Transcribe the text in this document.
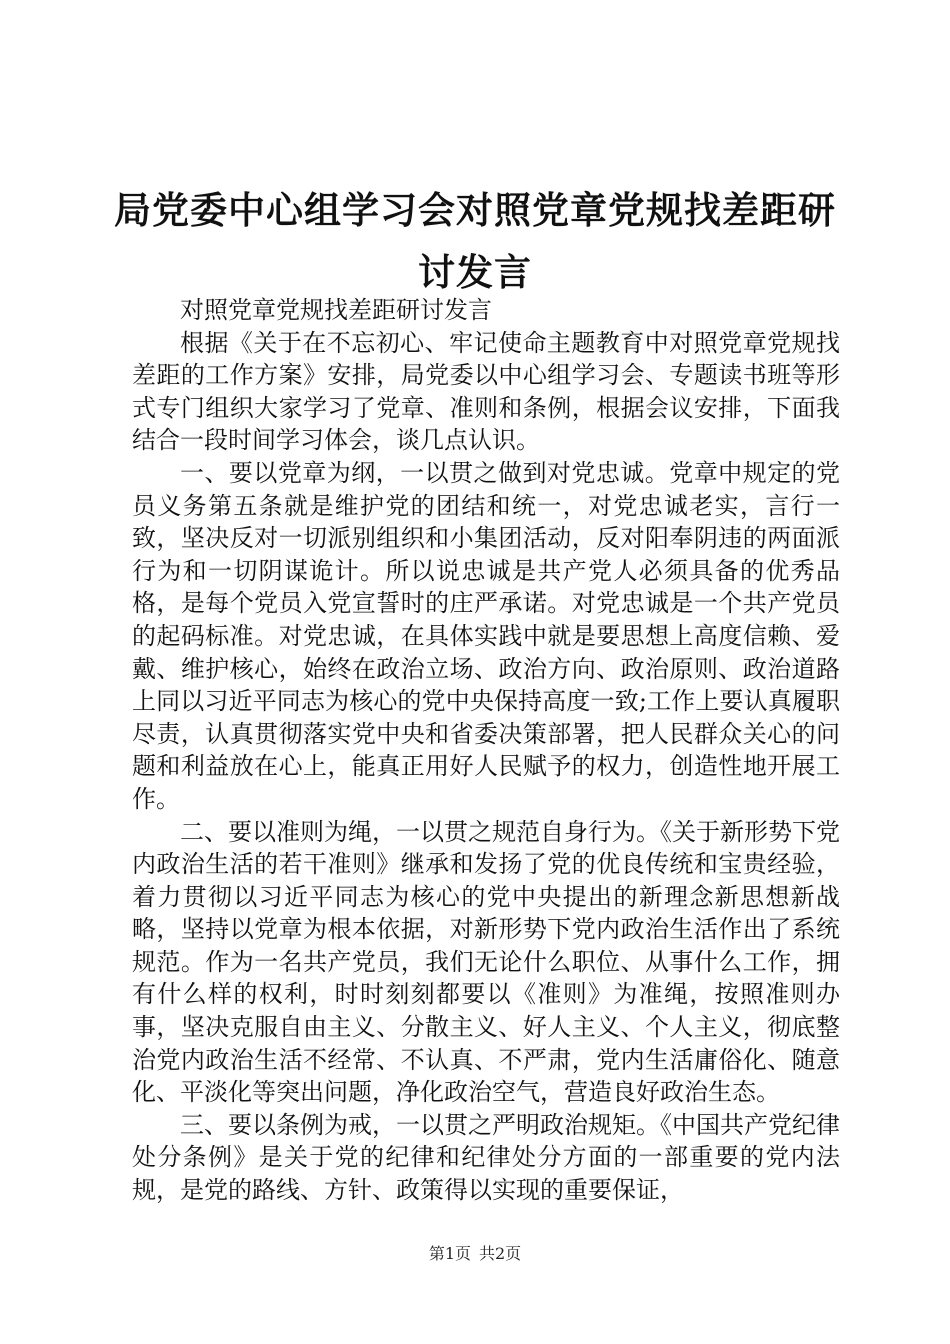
局党委中心组学习会对照党章党规找差距研讨发言

对照党章党规找差距研讨发言

根据《关于在不忘初心、牢记使命主题教育中对照党章党规找差距的工作方案》安排，局党委以中心组学习会、专题读书班等形式专门组织大家学习了党章、准则和条例，根据会议安排，下面我结合一段时间学习体会，谈几点认识。

一、要以党章为纲，一以贯之做到对党忠诚。党章中规定的党员义务第五条就是维护党的团结和统一，对党忠诚老实，言行一致，坚决反对一切派别组织和小集团活动，反对阳奉阴违的两面派行为和一切阴谋诡计。所以说忠诚是共产党人必须具备的优秀品格，是每个党员入党宣誓时的庄严承诺。对党忠诚是一个共产党员的起码标准。对党忠诚，在具体实践中就是要思想上高度信赖、爱戴、维护核心，始终在政治立场、政治方向、政治原则、政治道路上同以习近平同志为核心的党中央保持高度一致;工作上要认真履职尽责，认真贯彻落实党中央和省委决策部署，把人民群众关心的问题和利益放在心上，能真正用好人民赋予的权力，创造性地开展工作。

二、要以准则为绳，一以贯之规范自身行为。《关于新形势下党内政治生活的若干准则》继承和发扬了党的优良传统和宝贵经验，着力贯彻以习近平同志为核心的党中央提出的新理念新思想新战略，坚持以党章为根本依据，对新形势下党内政治生活作出了系统规范。作为一名共产党员，我们无论什么职位、从事什么工作，拥有什么样的权利，时时刻刻都要以《准则》为准绳，按照准则办事，坚决克服自由主义、分散主义、好人主义、个人主义，彻底整治党内政治生活不经常、不认真、不严肃，党内生活庸俗化、随意化、平淡化等突出问题，净化政治空气，营造良好政治生态。

三、要以条例为戒，一以贯之严明政治规矩。《中国共产党纪律处分条例》是关于党的纪律和纪律处分方面的一部重要的党内法规，是党的路线、方针、政策得以实现的重要保证，

第1页 共2页
